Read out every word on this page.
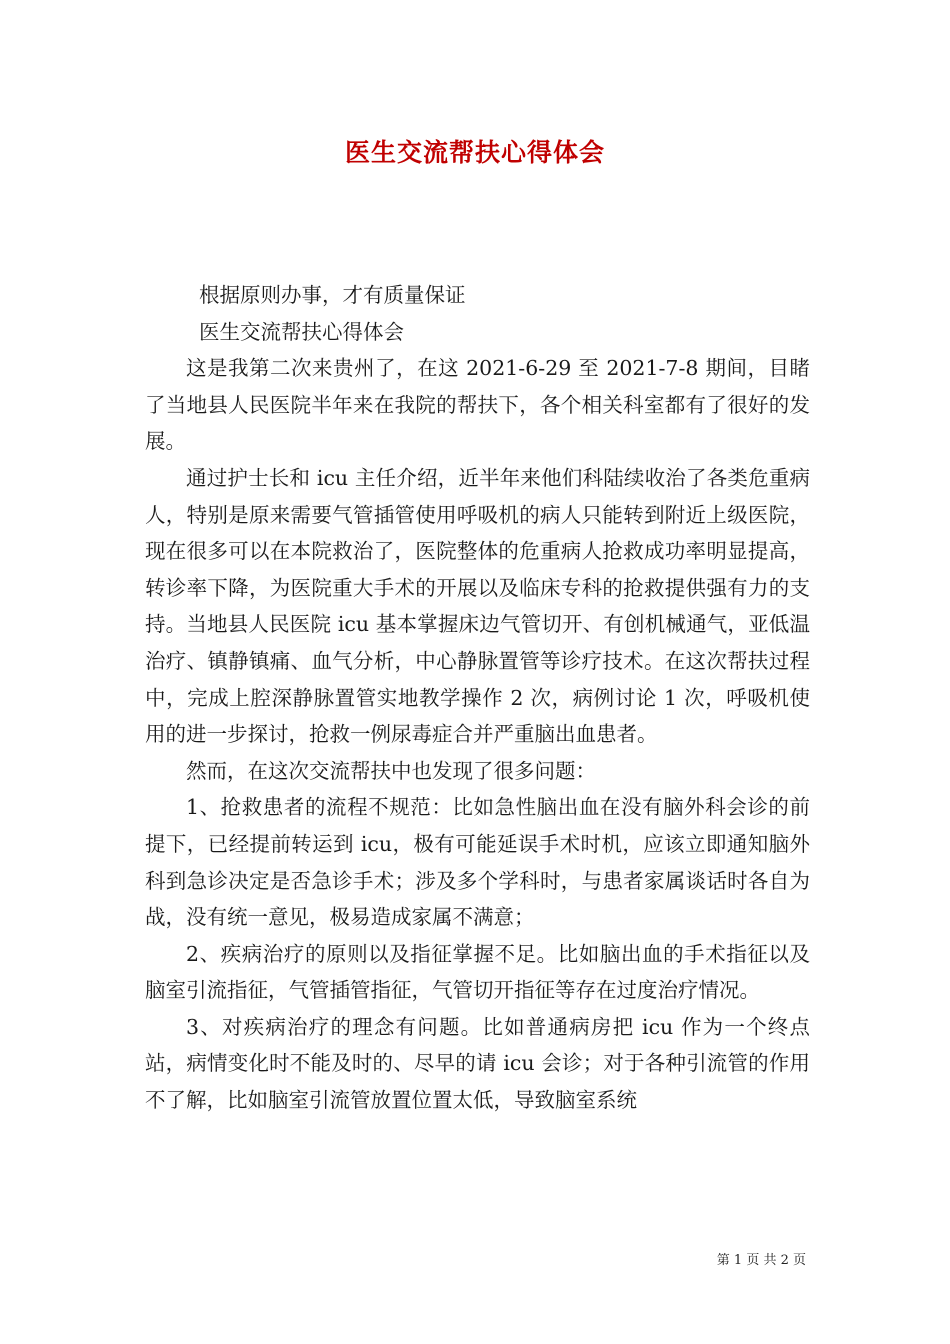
医生交流帮扶心得体会

根据原则办事，才有质量保证

医生交流帮扶心得体会

这是我第二次来贵州了，在这 2021-6-29 至 2021-7-8 期间，目睹了当地县人民医院半年来在我院的帮扶下，各个相关科室都有了很好的发展。

通过护士长和 icu 主任介绍，近半年来他们科陆续收治了各类危重病人，特别是原来需要气管插管使用呼吸机的病人只能转到附近上级医院，现在很多可以在本院救治了，医院整体的危重病人抢救成功率明显提高，转诊率下降，为医院重大手术的开展以及临床专科的抢救提供强有力的支持。当地县人民医院 icu 基本掌握床边气管切开、有创机械通气，亚低温治疗、镇静镇痛、血气分析，中心静脉置管等诊疗技术。在这次帮扶过程中，完成上腔深静脉置管实地教学操作 2 次，病例讨论 1 次，呼吸机使用的进一步探讨，抢救一例尿毒症合并严重脑出血患者。

然而，在这次交流帮扶中也发现了很多问题：

1、抢救患者的流程不规范：比如急性脑出血在没有脑外科会诊的前提下，已经提前转运到 icu，极有可能延误手术时机，应该立即通知脑外科到急诊决定是否急诊手术；涉及多个学科时，与患者家属谈话时各自为战，没有统一意见，极易造成家属不满意；

2、疾病治疗的原则以及指征掌握不足。比如脑出血的手术指征以及脑室引流指征，气管插管指征，气管切开指征等存在过度治疗情况。

3、对疾病治疗的理念有问题。比如普通病房把 icu 作为一个终点站，病情变化时不能及时的、尽早的请 icu 会诊；对于各种引流管的作用不了解，比如脑室引流管放置位置太低，导致脑室系统

第 1 页 共 2 页
